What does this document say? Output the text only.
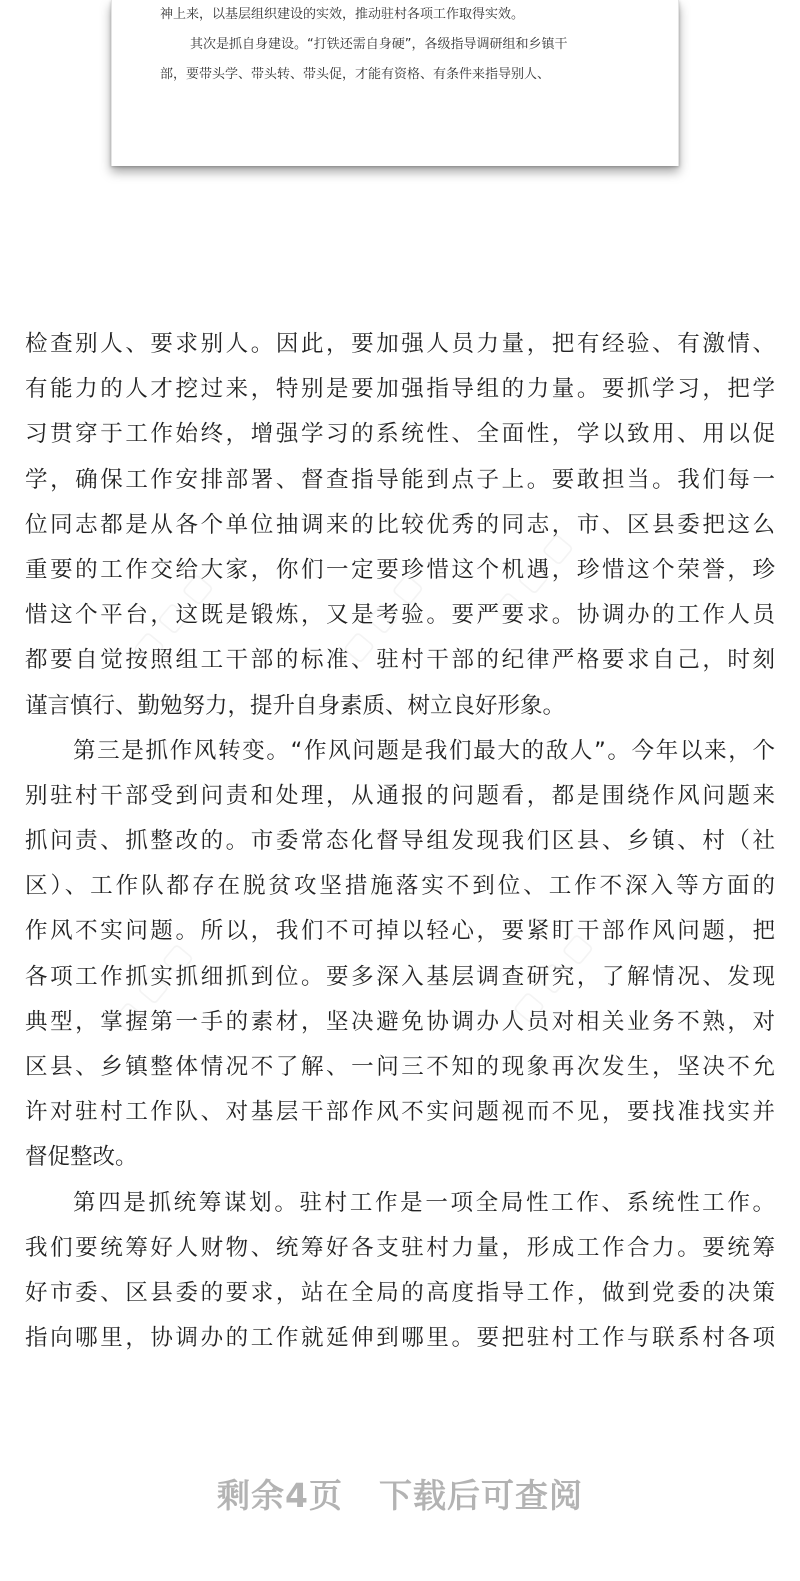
神上来，以基层组织建设的实效，推动驻村各项工作取得实效。
其次是抓自身建设。“打铁还需自身硬”，各级指导调研组和乡镇干
部，要带头学、带头转、带头促，才能有资格、有条件来指导别人、
▢ ▢ ▢	▢ ▢ ▢ ▢ ▢ ▢
▢ ▢ ▢	▢ ▢ ▢
检查别人、要求别人。因此，要加强人员力量，把有经验、有激情、
有能力的人才挖过来，特别是要加强指导组的力量。要抓学习，把学
习贯穿于工作始终，增强学习的系统性、全面性，学以致用、用以促
学，确保工作安排部署、督查指导能到点子上。要敢担当。我们每一
位同志都是从各个单位抽调来的比较优秀的同志，市、区县委把这么
重要的工作交给大家，你们一定要珍惜这个机遇，珍惜这个荣誉，珍
惜这个平台，这既是锻炼，又是考验。要严要求。协调办的工作人员
都要自觉按照组工干部的标准、驻村干部的纪律严格要求自己，时刻
谨言慎行、勤勉努力，提升自身素质、树立良好形象。
第三是抓作风转变。“作风问题是我们最大的敌人”。今年以来，个
别驻村干部受到问责和处理，从通报的问题看，都是围绕作风问题来
抓问责、抓整改的。市委常态化督导组发现我们区县、乡镇、村（社
区）、工作队都存在脱贫攻坚措施落实不到位、工作不深入等方面的
作风不实问题。所以，我们不可掉以轻心，要紧盯干部作风问题，把
各项工作抓实抓细抓到位。要多深入基层调查研究，了解情况、发现
典型，掌握第一手的素材，坚决避免协调办人员对相关业务不熟，对
区县、乡镇整体情况不了解、一问三不知的现象再次发生，坚决不允
许对驻村工作队、对基层干部作风不实问题视而不见，要找准找实并
督促整改。
第四是抓统筹谋划。驻村工作是一项全局性工作、系统性工作。
我们要统筹好人财物、统筹好各支驻村力量，形成工作合力。要统筹
好市委、区县委的要求，站在全局的高度指导工作，做到党委的决策
指向哪里，协调办的工作就延伸到哪里。要把驻村工作与联系村各项
剩余4页 下载后可查阅
